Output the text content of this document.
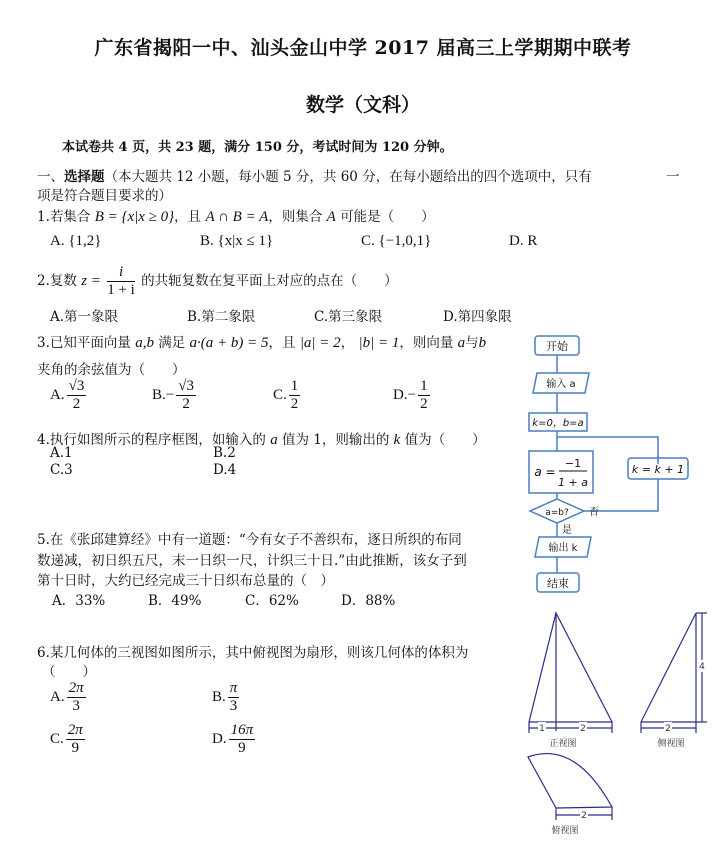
广东省揭阳一中、汕头金山中学 2017 届高三上学期期中联考
数学（文科）
本试卷共 4 页，共 23 题，满分 150 分，考试时间为 120 分钟。
一、选择题（本大题共 12 小题，每小题 5 分，共 60 分，在每小题给出的四个选项中，只有	一
项是符合题目要求的）
1.若集合 B = {x|x ≥ 0}，且 A ∩ B = A，则集合 A 可能是（　　）
A. {1,2}	B. {x|x ≤ 1}	C. {−1,0,1}	D. R
2.复数 $z = \frac{i}{1 + i}$ 的共轭复数在复平面上对应的点在（　　）
A.第一象限	B.第二象限	C.第三象限	D.第四象限
3.已知平面向量 a,b 满足 a·(a + b) = 5，且 |a| = 2， |b| = 1，则向量 a与b
夹角的余弦值为（　　）
A. $\frac{√3}{2}$	$B.- \frac{√3}{2}$	C. $\frac{1}{2}$	$D.- \frac{1}{2}$
4.执行如图所示的程序框图，如输入的 a 值为 1，则输出的 k 值为（　　）
A.1	B.2
C.3	D.4
开始
输入 a
k=0，b=a
a =
−1
1 + a
k = k + 1
a=b? 否
是
输出 k
结束
5.在《张邱建算经》中有一道题：“今有女子不善织布，逐日所织的布同
数递减，初日织五尺，末一日织一尺，计织三十日.”由此推断，该女子到
第十日时，大约已经完成三十日织布总量的（　）
A．33%	B．49%	C．62%	D．88%
6.某几何体的三视图如图所示，其中俯视图为扇形，则该几何体的体积为
（　　）
A. $\frac{2\pi}{3}$	B. $\frac{\pi}{3}$
C. $\frac{2\pi}{9}$	D. $\frac{16\pi}{9}$	1	2	2
4
2
正视图	侧视图
俯视图
